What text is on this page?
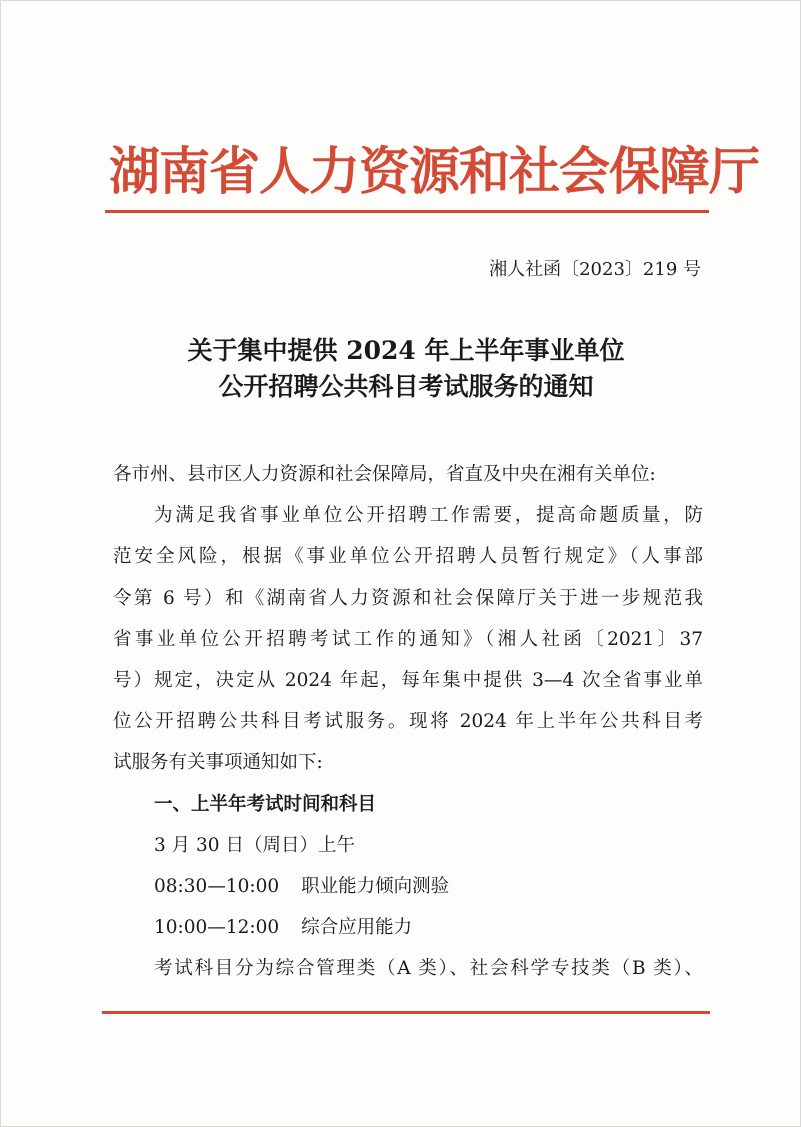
湖南省人力资源和社会保障厅
湘人社函〔2023〕219 号
关于集中提供 2024 年上半年事业单位
公开招聘公共科目考试服务的通知
各市州、县市区人力资源和社会保障局，省直及中央在湘有关单位:
为满足我省事业单位公开招聘工作需要，提高命题质量，防
范安全风险，根据《事业单位公开招聘人员暂行规定》（人事部
令第 6 号）和《湖南省人力资源和社会保障厅关于进一步规范我
省事业单位公开招聘考试工作的通知》（湘人社函〔2021〕37
号）规定，决定从 2024 年起，每年集中提供 3—4 次全省事业单
位公开招聘公共科目考试服务。现将 2024 年上半年公共科目考
试服务有关事项通知如下:
一、上半年考试时间和科目
3 月 30 日（周日）上午
08:30—10:00 职业能力倾向测验
10:00—12:00 综合应用能力
考试科目分为综合管理类（A 类）、社会科学专技类（B 类）、
